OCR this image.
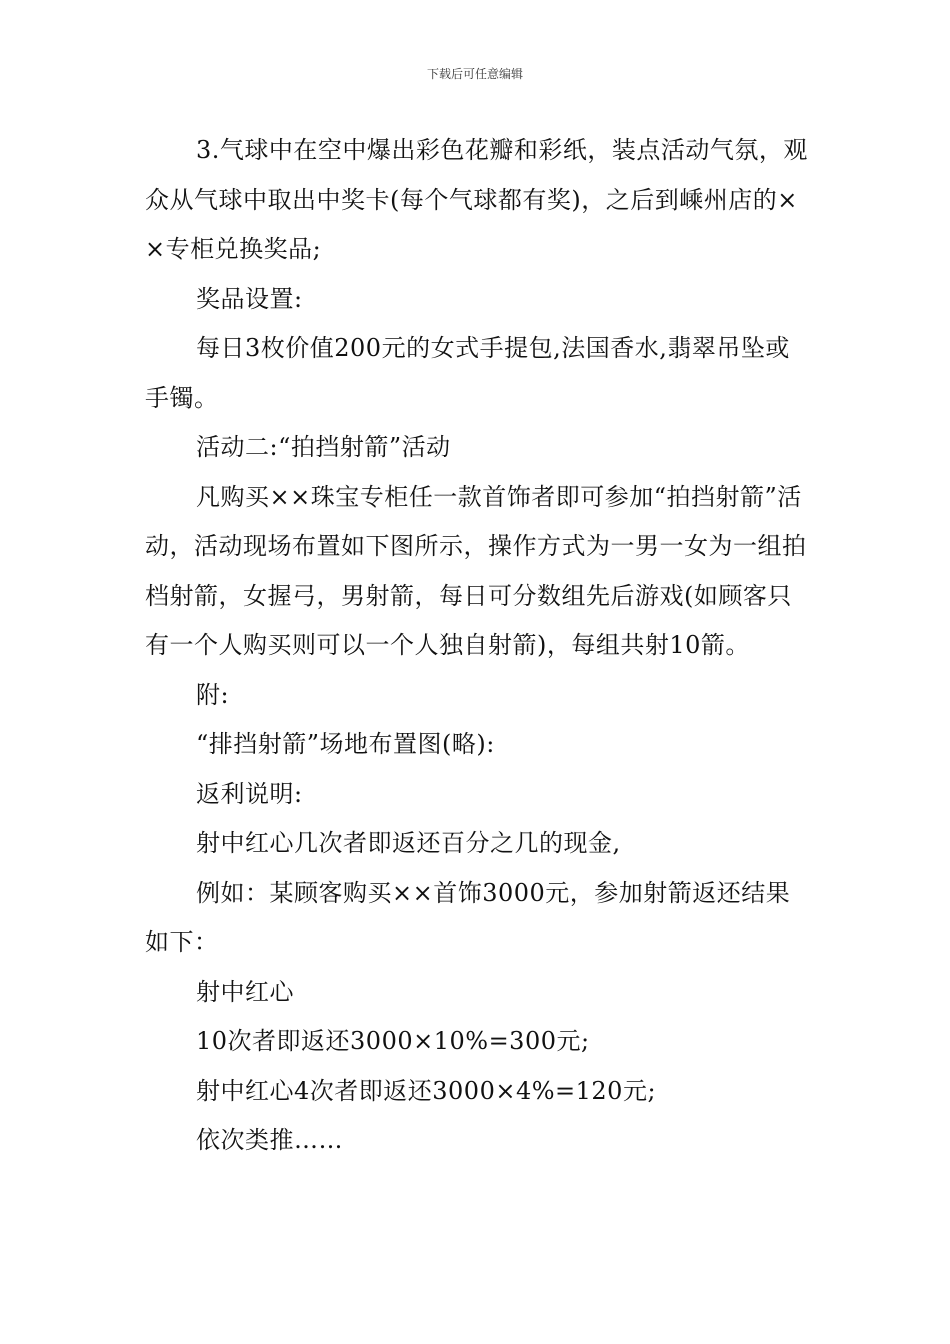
下载后可任意编辑

3.气球中在空中爆出彩色花瓣和彩纸，装点活动气氛，观众从气球中取出中奖卡(每个气球都有奖)，之后到嵊州店的××专柜兑换奖品;

奖品设置:

每日3枚价值200元的女式手提包,法国香水,翡翠吊坠或手镯。

活动二:“拍挡射箭”活动

凡购买××珠宝专柜任一款首饰者即可参加“拍挡射箭”活动，活动现场布置如下图所示，操作方式为一男一女为一组拍档射箭，女握弓，男射箭，每日可分数组先后游戏(如顾客只有一个人购买则可以一个人独自射箭)，每组共射10箭。

附:

“排挡射箭”场地布置图(略):

返利说明:

射中红心几次者即返还百分之几的现金,

例如：某顾客购买××首饰3000元，参加射箭返还结果如下：

射中红心

10次者即返还3000×10%=300元;

射中红心4次者即返还3000×4%=120元;

依次类推……
